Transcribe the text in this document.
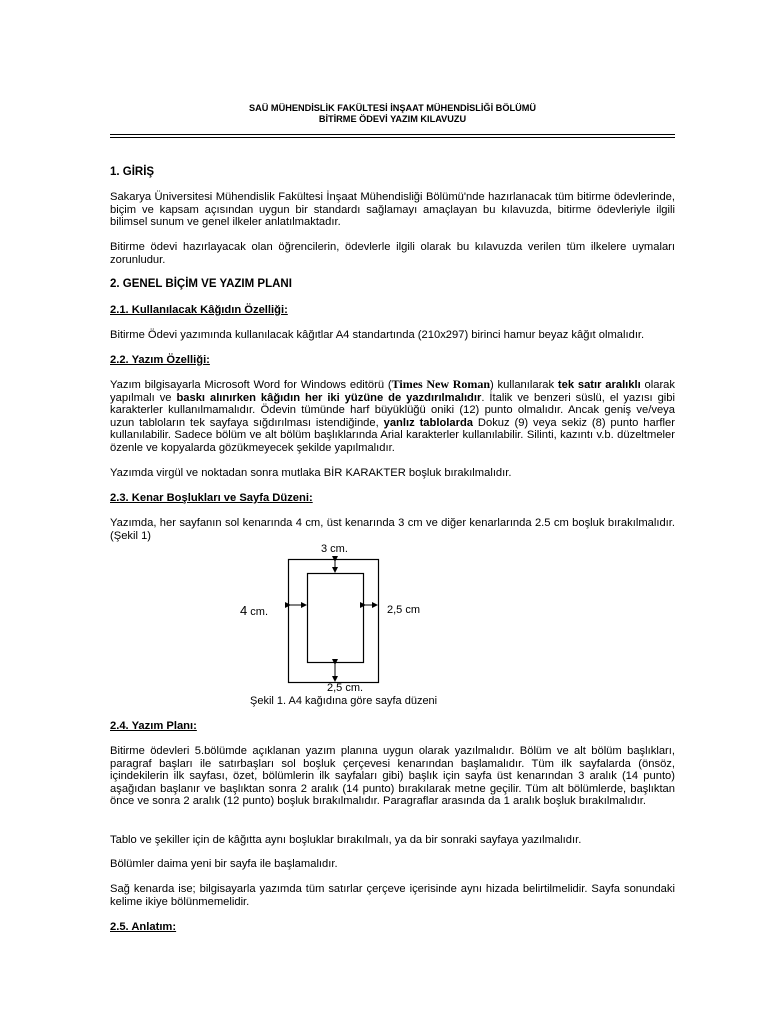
SAÜ MÜHENDİSLİK FAKÜLTESİ İNŞAAT MÜHENDİSLİĞİ BÖLÜMÜ
BİTİRME ÖDEVİ YAZIM KILAVUZU
1. GİRİŞ

Sakarya Üniversitesi Mühendislik Fakültesi İnşaat Mühendisliği Bölümü'nde hazırlanacak tüm bitirme ödevlerinde, biçim ve kapsam açısından uygun bir standardı sağlamayı amaçlayan bu kılavuzda, bitirme ödevleriyle ilgili bilimsel sunum ve genel ilkeler anlatılmaktadır.

Bitirme ödevi hazırlayacak olan öğrencilerin, ödevlerle ilgili olarak bu kılavuzda verilen tüm ilkelere uymaları zorunludur.

2. GENEL BİÇİM VE YAZIM PLANI
2.1. Kullanılacak Kâğıdın Özelliği:

Bitirme Ödevi yazımında kullanılacak kâğıtlar A4 standartında (210x297) birinci hamur beyaz kâğıt olmalıdır.

2.2. Yazım Özelliği:

Yazım bilgisayarla Microsoft Word for Windows editörü (Times New Roman) kullanılarak tek satır aralıklı olarak yapılmalı ve baskı alınırken kâğıdın her iki yüzüne de yazdırılmalıdır. İtalik ve benzeri süslü, el yazısı gibi karakterler kullanılmamalıdır. Ödevin tümünde harf büyüklüğü oniki (12) punto olmalıdır. Ancak geniş ve/veya uzun tabloların tek sayfaya sığdırılması istendiğinde, yanlız tablolarda Dokuz (9) veya sekiz (8) punto harfler kullanılabilir. Sadece bölüm ve alt bölüm başlıklarında Arial karakterler kullanılabilir. Silinti, kazıntı v.b. düzeltmeler özenle ve kopyalarda gözükmeyecek şekilde yapılmalıdır.

Yazımda virgül ve noktadan sonra mutlaka BİR KARAKTER boşluk bırakılmalıdır.

2.3. Kenar Boşlukları ve Sayfa Düzeni:

Yazımda, her sayfanın sol kenarında 4 cm, üst kenarında 3 cm ve diğer kenarlarında 2.5 cm boşluk bırakılmalıdır. (Şekil 1)

3 cm.
4 cm.	2,5 cm
2,5 cm.
Şekil 1. A4 kağıdına göre sayfa düzeni
2.4. Yazım Planı:

Bitirme ödevleri 5.bölümde açıklanan yazım planına uygun olarak yazılmalıdır. Bölüm ve alt bölüm başlıkları, paragraf başları ile satırbaşları sol boşluk çerçevesi kenarından başlamalıdır. Tüm ilk sayfalarda (önsöz, içindekilerin ilk sayfası, özet, bölümlerin ilk sayfaları gibi) başlık için sayfa üst kenarından 3 aralık (14 punto) aşağıdan başlanır ve başlıktan sonra 2 aralık (14 punto) bırakılarak metne geçilir. Tüm alt bölümlerde, başlıktan önce ve sonra 2 aralık (12 punto) boşluk bırakılmalıdır. Paragraflar arasında da 1 aralık boşluk bırakılmalıdır.

Tablo ve şekiller için de kâğıtta aynı boşluklar bırakılmalı, ya da bir sonraki sayfaya yazılmalıdır.

Bölümler daima yeni bir sayfa ile başlamalıdır.

Sağ kenarda ise; bilgisayarla yazımda tüm satırlar çerçeve içerisinde aynı hizada belirtilmelidir. Sayfa sonundaki kelime ikiye bölünmemelidir.

2.5. Anlatım:
